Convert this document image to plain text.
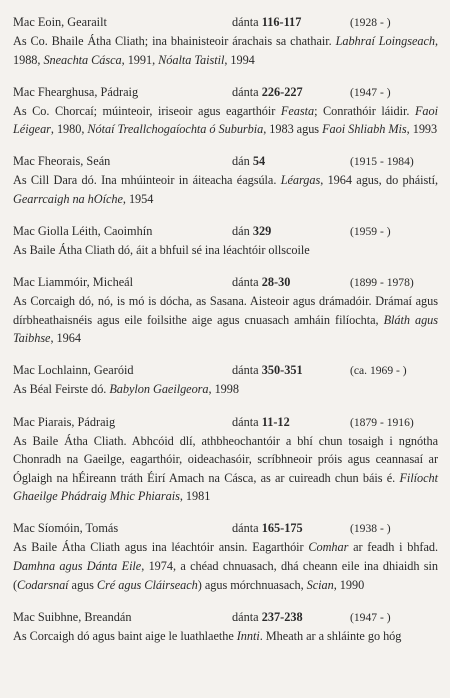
Mac Eoin, Gearailt	dánta 116-117	(1928 - )
As Co. Bhaile Átha Cliath; ina bhainisteoir árachais sa chathair. Labhraí Loingseach, 1988, Sneachta Cásca, 1991, Nóalta Taistil, 1994
Mac Fhearghusa, Pádraig	dánta 226-227	(1947 - )
As Co. Chorcaí; múinteoir, iriseoir agus eagarthóir Feasta; Conrathóir láidir. Faoi Léigear, 1980, Nótaí Treallchogaíochta ó Suburbia, 1983 agus Faoi Shliabh Mis, 1993
Mac Fheorais, Seán	dán 54	(1915 - 1984)
As Cill Dara dó. Ina mhúinteoir in áiteacha éagsúla. Léargas, 1964 agus, do pháistí, Gearrcaigh na hOíche, 1954
Mac Giolla Léith, Caoimhín	dán 329	(1959 - )
As Baile Átha Cliath dó, áit a bhfuil sé ina léachtóir ollscoile
Mac Liammóir, Micheál	dánta 28-30	(1899 - 1978)
As Corcaigh dó, nó, is mó is dócha, as Sasana. Aisteoir agus drámadóir. Drámaí agus dírbheathaisnéis agus eile foilsithe aige agus cnuasach amháin filíochta, Bláth agus Taibhse, 1964
Mac Lochlainn, Gearóid	dánta 350-351	(ca. 1969 - )
As Béal Feirste dó. Babylon Gaeilgeora, 1998
Mac Piarais, Pádraig	dánta 11-12	(1879 - 1916)
As Baile Átha Cliath. Abhcóid dlí, athbheochantóir a bhí chun tosaigh i ngnótha Chonradh na Gaeilge, eagarthóir, oideachasóir, scríbhneoir próis agus ceannasaí ar Óglaigh na hÉireann tráth Éirí Amach na Cásca, as ar cuireadh chun báis é. Filíocht Ghaeilge Phádraig Mhic Phiarais, 1981
Mac Síomóin, Tomás	dánta 165-175	(1938 - )
As Baile Átha Cliath agus ina léachtóir ansin. Eagarthóir Comhar ar feadh i bhfad. Damhna agus Dánta Eile, 1974, a chéad chnuasach, dhá cheann eile ina dhiaidh sin (Codarsnaí agus Cré agus Cláirseach) agus mórchnuasach, Scian, 1990
Mac Suibhne, Breandán	dánta 237-238	(1947 - )
As Corcaigh dó agus baint aige le luathlaethe Innti. Mheath ar a shláinte go hóg
